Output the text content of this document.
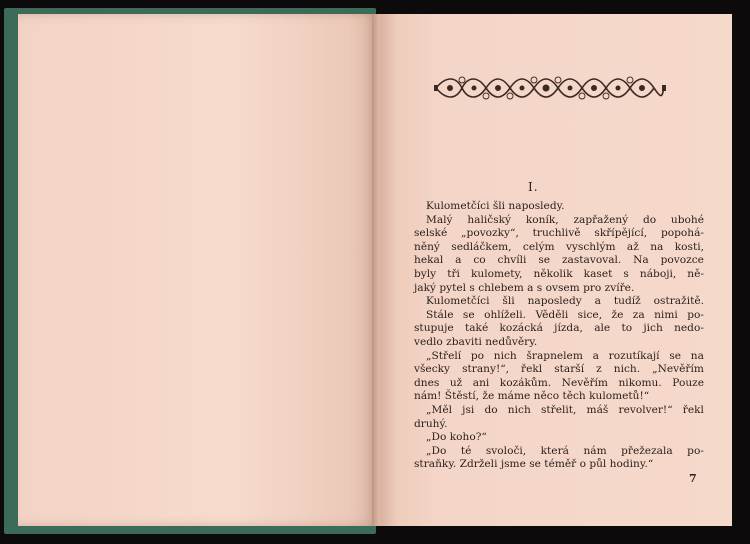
I.
Kulometčíci šli naposledy.
Malý haličský koník, zapřažený do ubohé
selské „povozky“, truchlivě skřípějící, popohá-
něný sedláčkem, celým vyschlým až na kosti,
hekal a co chvíli se zastavoval. Na povozce
byly tři kulomety, několik kaset s náboji, ně-
jaký pytel s chlebem a s ovsem pro zvíře.
Kulometčíci šli naposledy a tudíž ostražitě.
Stále se ohlíželi. Věděli sice, že za nimi po-
stupuje také kozácká jízda, ale to jich nedo-
vedlo zbaviti nedůvěry.
„Střelí po nich šrapnelem a rozutíkají se na
všecky strany!“, řekl starší z nich. „Nevěřím
dnes už ani kozákům. Nevěřím nikomu. Pouze
nám! Štěstí, že máme něco těch kulometů!“
„Měl jsi do nich střelit, máš revolver!“ řekl
druhý.
„Do koho?“
„Do té svoloči, která nám přežezala po-
straňky. Zdrželi jsme se téměř o půl hodiny.“
7
